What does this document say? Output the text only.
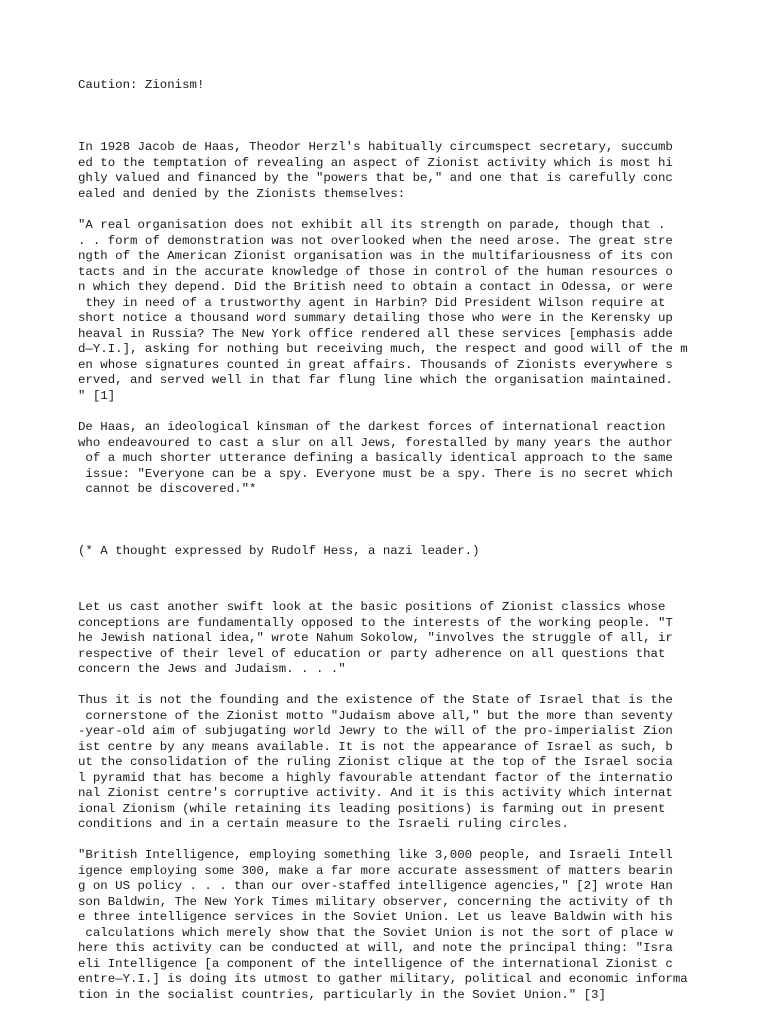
Caution: Zionism!
In 1928 Jacob de Haas, Theodor Herzl's habitually circumspect secretary, succumb
ed to the temptation of revealing an aspect of Zionist activity which is most hi
ghly valued and financed by the "powers that be," and one that is carefully conc
ealed and denied by the Zionists themselves:
"A real organisation does not exhibit all its strength on parade, though that .
. . form of demonstration was not overlooked when the need arose. The great stre
ngth of the American Zionist organisation was in the multifariousness of its con
tacts and in the accurate knowledge of those in control of the human resources o
n which they depend. Did the British need to obtain a contact in Odessa, or were
they in need of a trustworthy agent in Harbin? Did President Wilson require at
short notice a thousand word summary detailing those who were in the Kerensky up
heaval in Russia? The New York office rendered all these services [emphasis adde
d—Y.I.], asking for nothing but receiving much, the respect and good will of the m
en whose signatures counted in great affairs. Thousands of Zionists everywhere s
erved, and served well in that far flung line which the organisation maintained.
" [1]
De Haas, an ideological kinsman of the darkest forces of international reaction
who endeavoured to cast a slur on all Jews, forestalled by many years the author
of a much shorter utterance defining a basically identical approach to the same
issue: "Everyone can be a spy. Everyone must be a spy. There is no secret which
cannot be discovered."*
(* A thought expressed by Rudolf Hess, a nazi leader.)
Let us cast another swift look at the basic positions of Zionist classics whose
conceptions are fundamentally opposed to the interests of the working people. "T
he Jewish national idea," wrote Nahum Sokolow, "involves the struggle of all, ir
respective of their level of education or party adherence on all questions that
concern the Jews and Judaism. . . ."
Thus it is not the founding and the existence of the State of Israel that is the
cornerstone of the Zionist motto "Judaism above all," but the more than seventy
-year-old aim of subjugating world Jewry to the will of the pro-imperialist Zion
ist centre by any means available. It is not the appearance of Israel as such, b
ut the consolidation of the ruling Zionist clique at the top of the Israel socia
l pyramid that has become a highly favourable attendant factor of the internatio
nal Zionist centre's corruptive activity. And it is this activity which internat
ional Zionism (while retaining its leading positions) is farming out in present
conditions and in a certain measure to the Israeli ruling circles.
"British Intelligence, employing something like 3,000 people, and Israeli Intell
igence employing some 300, make a far more accurate assessment of matters bearin
g on US policy . . . than our over-staffed intelligence agencies," [2] wrote Han
son Baldwin, The New York Times military observer, concerning the activity of th
e three intelligence services in the Soviet Union. Let us leave Baldwin with his
calculations which merely show that the Soviet Union is not the sort of place w
here this activity can be conducted at will, and note the principal thing: "Isra
eli Intelligence [a component of the intelligence of the international Zionist c
entre—Y.I.] is doing its utmost to gather military, political and economic informa
tion in the socialist countries, particularly in the Soviet Union." [3]
